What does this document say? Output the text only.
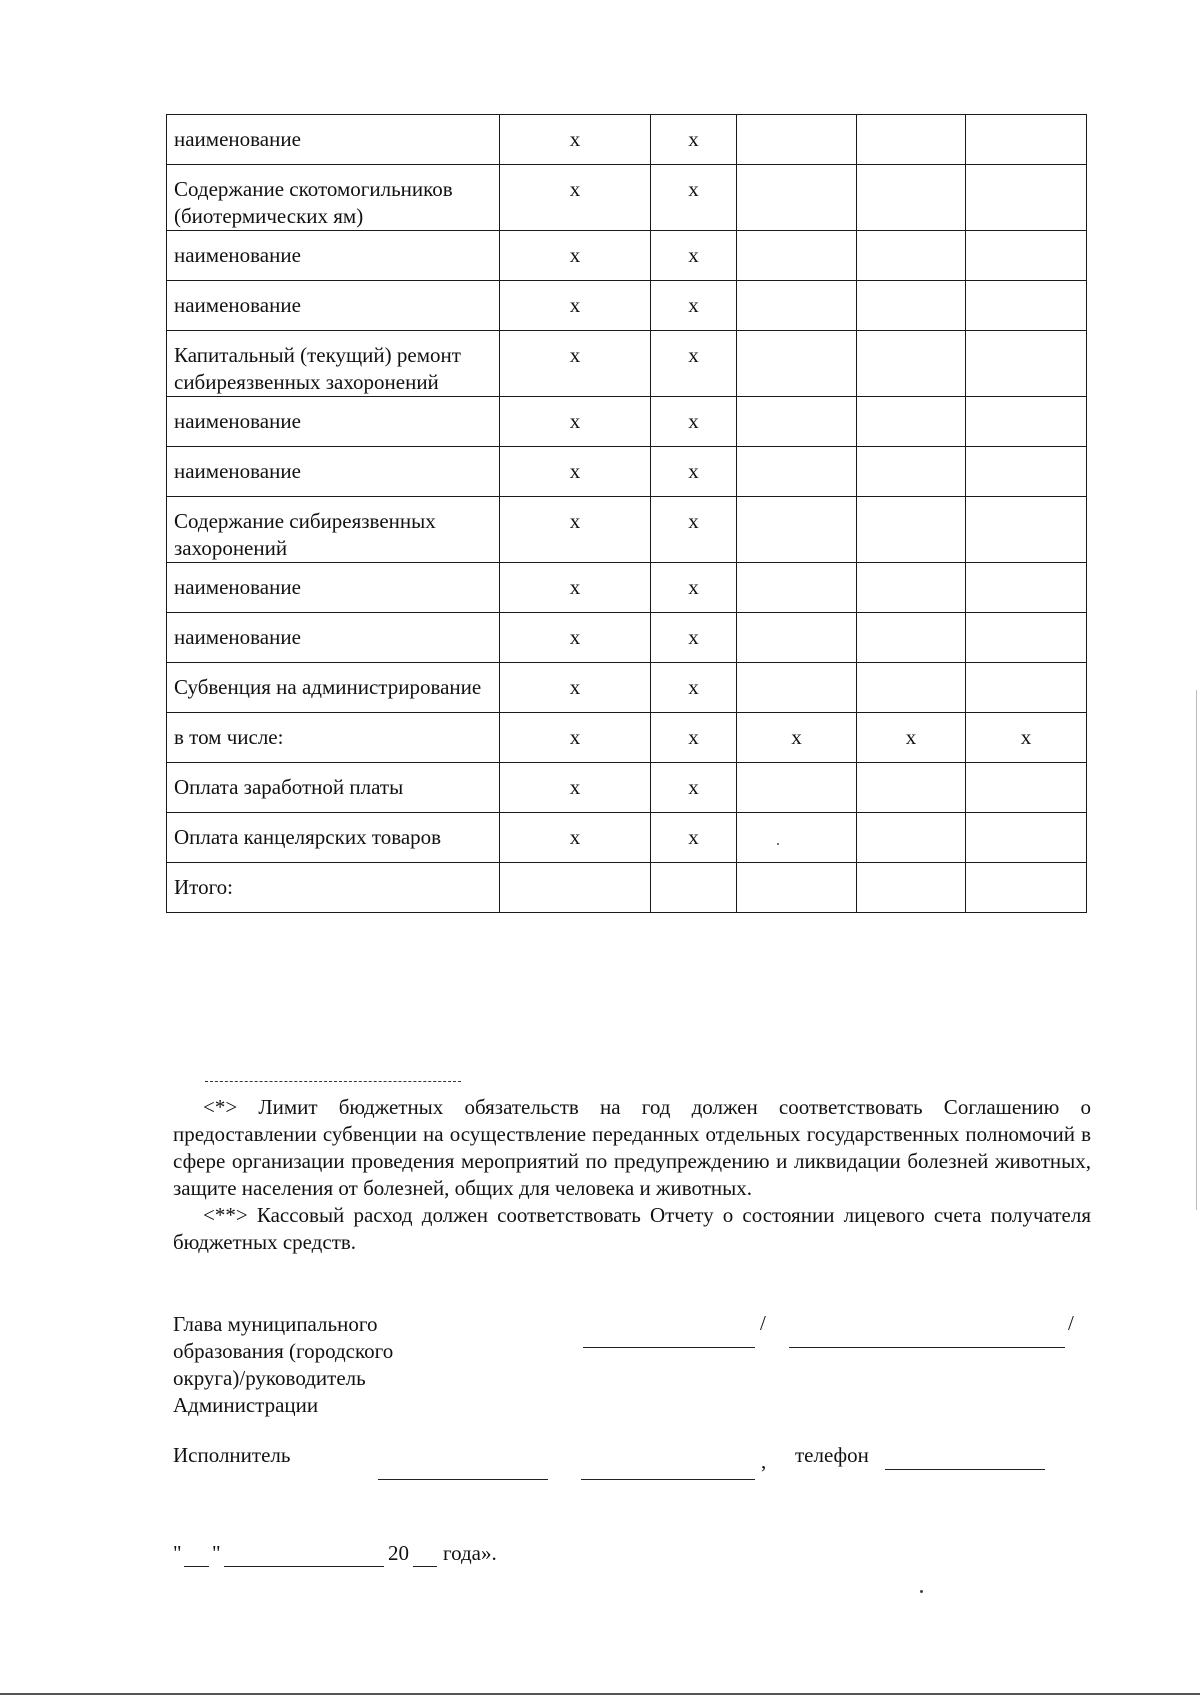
наименование	х	х			
Содержание скотомогильников (биотермических ям)	х	х			
наименование	х	х			
наименование	х	х			
Капитальный (текущий) ремонт сибиреязвенных захоронений	х	х			
наименование	х	х			
наименование	х	х			
Содержание сибиреязвенных захоронений	х	х			
наименование	х	х			
наименование	х	х			
Субвенция на администрирование	х	х			
в том числе:	х	х	х	х	х
Оплата заработной платы	х	х			
Оплата канцелярских товаров	х	х			
Итого:					

<*> Лимит бюджетных обязательств на год должен соответствовать Соглашению о предоставлении субвенции на осуществление переданных отдельных государственных полномочий в сфере организации проведения мероприятий по предупреждению и ликвидации болезней животных, защите населения от болезней, общих для человека и животных.

<**> Кассовый расход должен соответствовать Отчету о состоянии лицевого счета получателя бюджетных средств.

Глава муниципального образования (городского округа)/руководитель Администрации
/	/
Исполнитель	, телефон
" "	20 года».
